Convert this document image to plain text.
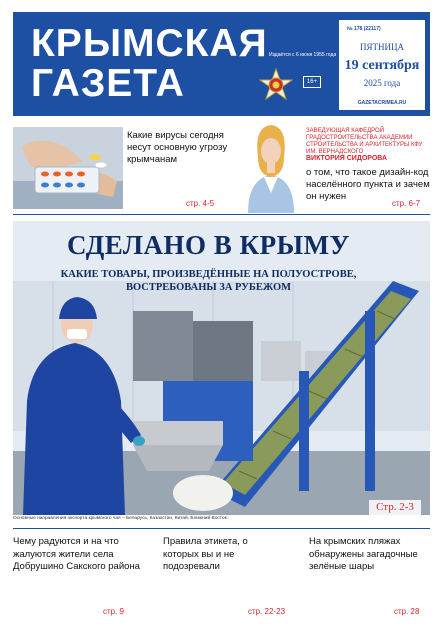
КРЫМСКАЯ
ГАЗЕТА
Издаётся с 6 июня 1955 года
16+
№ 178 (22117)
ПЯТНИЦА
19 сентября
2025 года
GAZETACRIMEA.RU
Какие вирусы сегодня несут основную угрозу крымчанам
стр. 4-5
ЗАВЕДУЮЩАЯ КАФЕДРОЙ ГРАДОСТРОИТЕЛЬСТВА АКАДЕМИИ СТРОИТЕЛЬСТВА И АРХИТЕКТУРЫ КФУ ИМ. ВЕРНАДСКОГО
ВИКТОРИЯ СИДОРОВА
о том, что такое дизайн-код населённого пункта и зачем он нужен
стр. 6-7
СДЕЛАНО В КРЫМУ
КАКИЕ ТОВАРЫ, ПРОИЗВЕДЁННЫЕ НА ПОЛУОСТРОВЕ,
ВОСТРЕБОВАНЫ ЗА РУБЕЖОМ
Стр. 2-3
Основные направления экспорта крымского чая – Беларусь, Казахстан, Китай, Ближний Восток.
Чему радуются и на что жалуются жители села Добрушино Сакского района
Правила этикета, о которых вы и не подозревали
На крымских пляжах обнаружены загадочные зелёные шары
стр. 9	стр. 22-23	стр. 28
